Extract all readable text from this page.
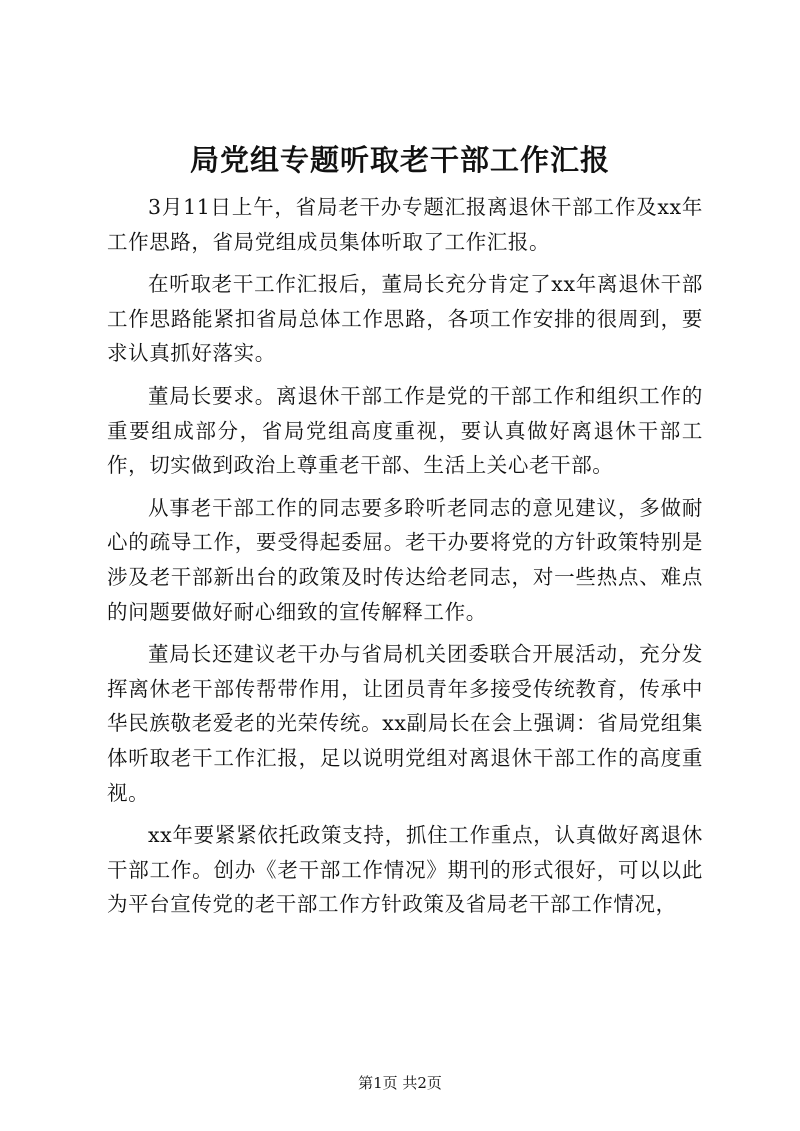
局党组专题听取老干部工作汇报

3月11日上午，省局老干办专题汇报离退休干部工作及xx年工作思路，省局党组成员集体听取了工作汇报。

在听取老干工作汇报后，董局长充分肯定了xx年离退休干部工作思路能紧扣省局总体工作思路，各项工作安排的很周到，要求认真抓好落实。

董局长要求。离退休干部工作是党的干部工作和组织工作的重要组成部分，省局党组高度重视，要认真做好离退休干部工作，切实做到政治上尊重老干部、生活上关心老干部。

从事老干部工作的同志要多聆听老同志的意见建议，多做耐心的疏导工作，要受得起委屈。老干办要将党的方针政策特别是涉及老干部新出台的政策及时传达给老同志，对一些热点、难点的问题要做好耐心细致的宣传解释工作。

董局长还建议老干办与省局机关团委联合开展活动，充分发挥离休老干部传帮带作用，让团员青年多接受传统教育，传承中华民族敬老爱老的光荣传统。xx副局长在会上强调：省局党组集体听取老干工作汇报，足以说明党组对离退休干部工作的高度重视。

xx年要紧紧依托政策支持，抓住工作重点，认真做好离退休干部工作。创办《老干部工作情况》期刊的形式很好，可以以此为平台宣传党的老干部工作方针政策及省局老干部工作情况，

第1页 共2页
